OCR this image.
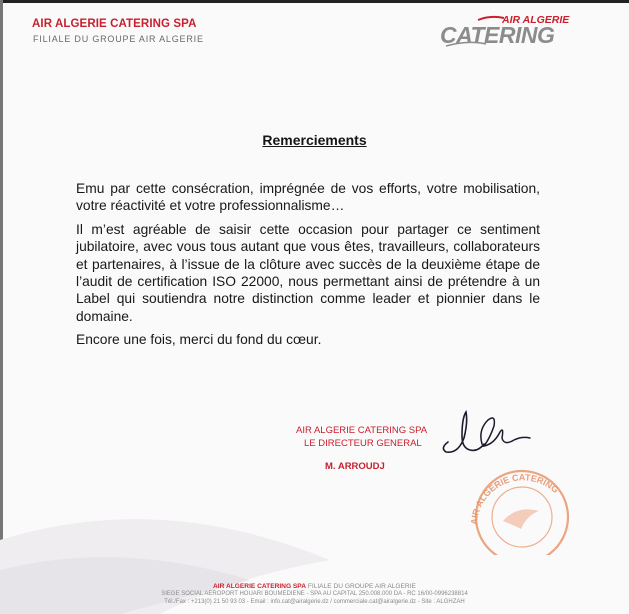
AIR ALGERIE CATERING SPA
FILIALE DU GROUPE AIR ALGERIE
AIR ALGERIE
CATERING
Remerciements

Emu par cette consécration, imprégnée de vos efforts, votre mobilisation, votre réactivité et votre professionnalisme…

Il m’est agréable de saisir cette occasion pour partager ce sentiment jubilatoire, avec vous tous autant que vous êtes, travailleurs, collaborateurs et partenaires, à l’issue de la clôture avec succès de la deuxième étape de l’audit de certification ISO 22000, nous permettant ainsi de prétendre à un Label qui soutiendra notre distinction comme leader et pionnier dans le domaine.

Encore une fois, merci du fond du cœur.

AIR ALGERIE CATERING SPA
LE DIRECTEUR GENERAL
M. ARROUDJ
AIR ALGERIE CATERING
AIR ALGERIE CATERING SPA FILIALE DU GROUPE AIR ALGERIE
SIEGE SOCIAL AEROPORT HOUARI BOUMEDIENE - SPA AU CAPITAL 250.008.000 DA - RC 16/00-0996238814
Tél./Fax : +213(0) 21 50 93 03 - Email : info.cat@airalgerie.dz / commerciale.cat@airalgerie.dz - Site : ALGHZAH
